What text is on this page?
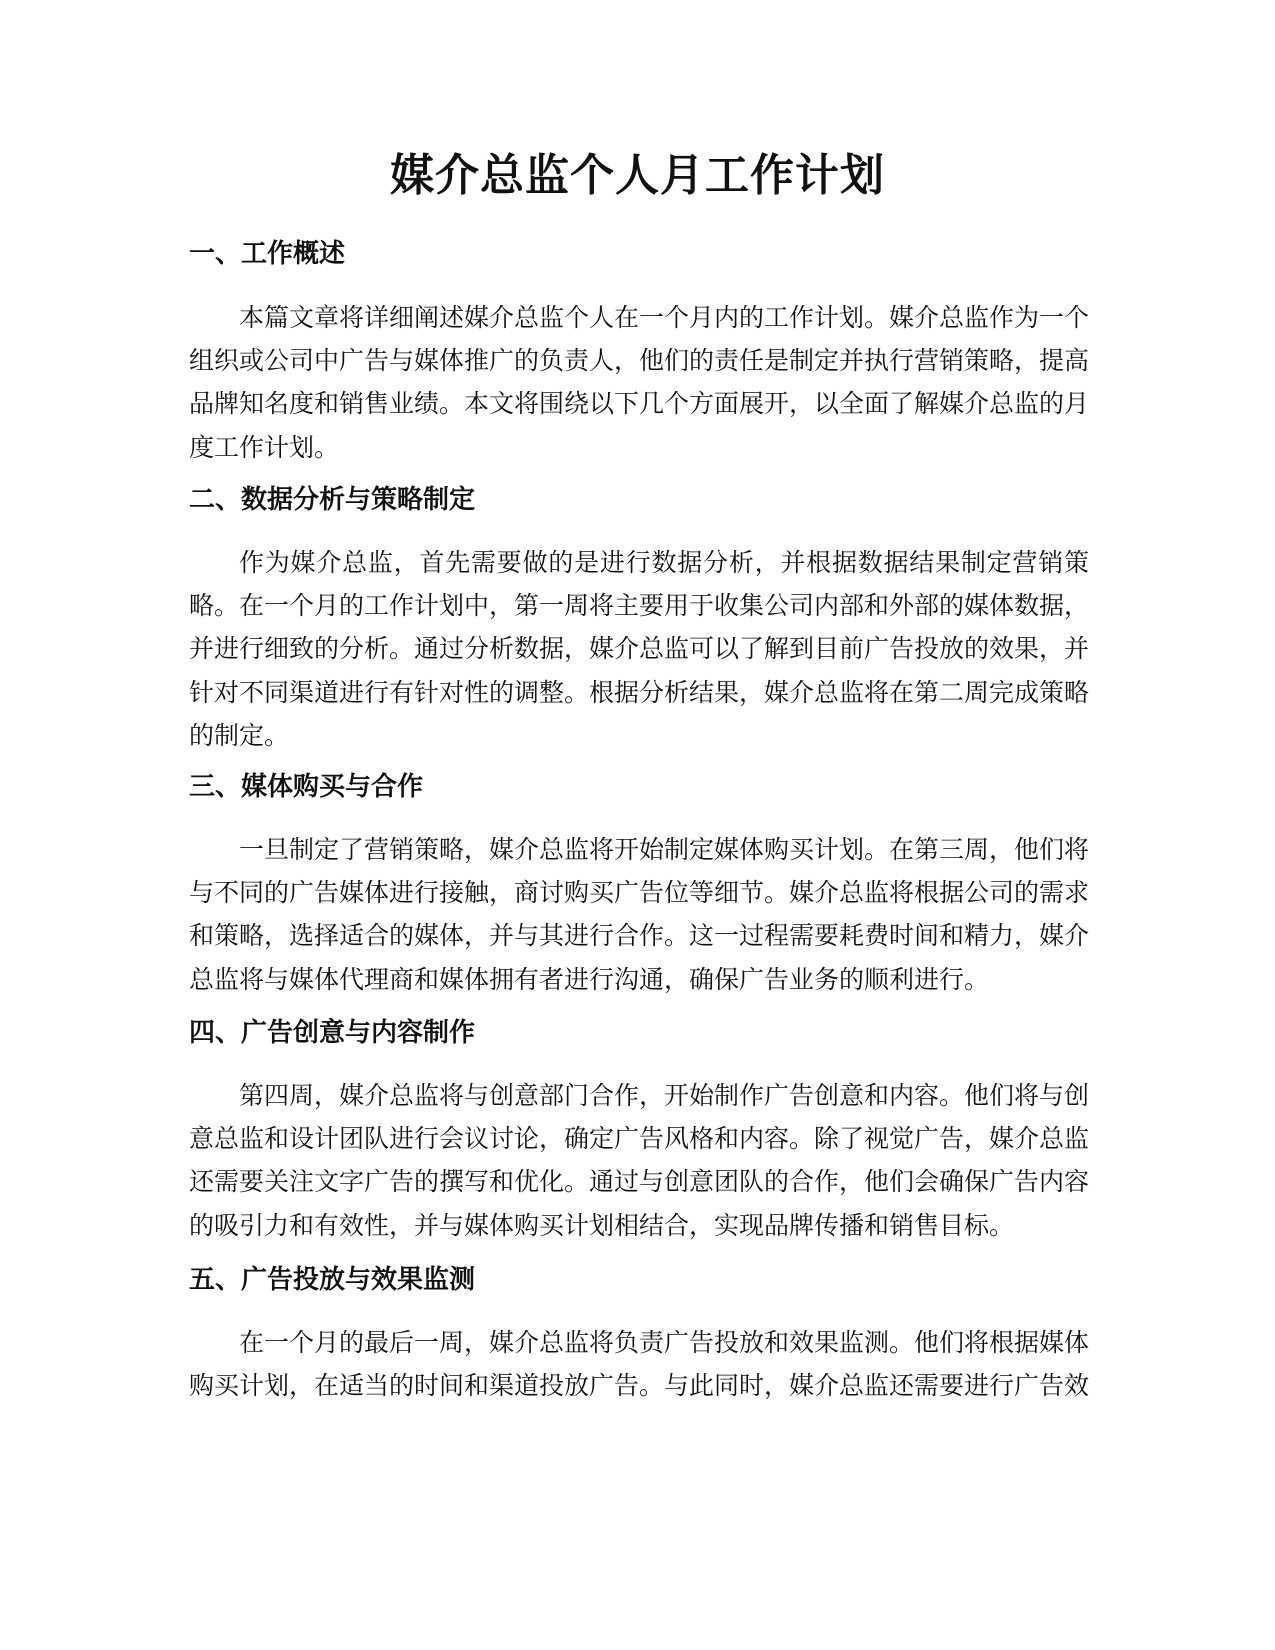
媒介总监个人月工作计划
一、工作概述

本篇文章将详细阐述媒介总监个人在一个月内的工作计划。媒介总监作为一个组织或公司中广告与媒体推广的负责人，他们的责任是制定并执行营销策略，提高品牌知名度和销售业绩。本文将围绕以下几个方面展开，以全面了解媒介总监的月度工作计划。

二、数据分析与策略制定

作为媒介总监，首先需要做的是进行数据分析，并根据数据结果制定营销策略。在一个月的工作计划中，第一周将主要用于收集公司内部和外部的媒体数据，并进行细致的分析。通过分析数据，媒介总监可以了解到目前广告投放的效果，并针对不同渠道进行有针对性的调整。根据分析结果，媒介总监将在第二周完成策略的制定。

三、媒体购买与合作

一旦制定了营销策略，媒介总监将开始制定媒体购买计划。在第三周，他们将与不同的广告媒体进行接触，商讨购买广告位等细节。媒介总监将根据公司的需求和策略，选择适合的媒体，并与其进行合作。这一过程需要耗费时间和精力，媒介总监将与媒体代理商和媒体拥有者进行沟通，确保广告业务的顺利进行。

四、广告创意与内容制作

第四周，媒介总监将与创意部门合作，开始制作广告创意和内容。他们将与创意总监和设计团队进行会议讨论，确定广告风格和内容。除了视觉广告，媒介总监还需要关注文字广告的撰写和优化。通过与创意团队的合作，他们会确保广告内容的吸引力和有效性，并与媒体购买计划相结合，实现品牌传播和销售目标。

五、广告投放与效果监测

在一个月的最后一周，媒介总监将负责广告投放和效果监测。他们将根据媒体购买计划，在适当的时间和渠道投放广告。与此同时，媒介总监还需要进行广告效
